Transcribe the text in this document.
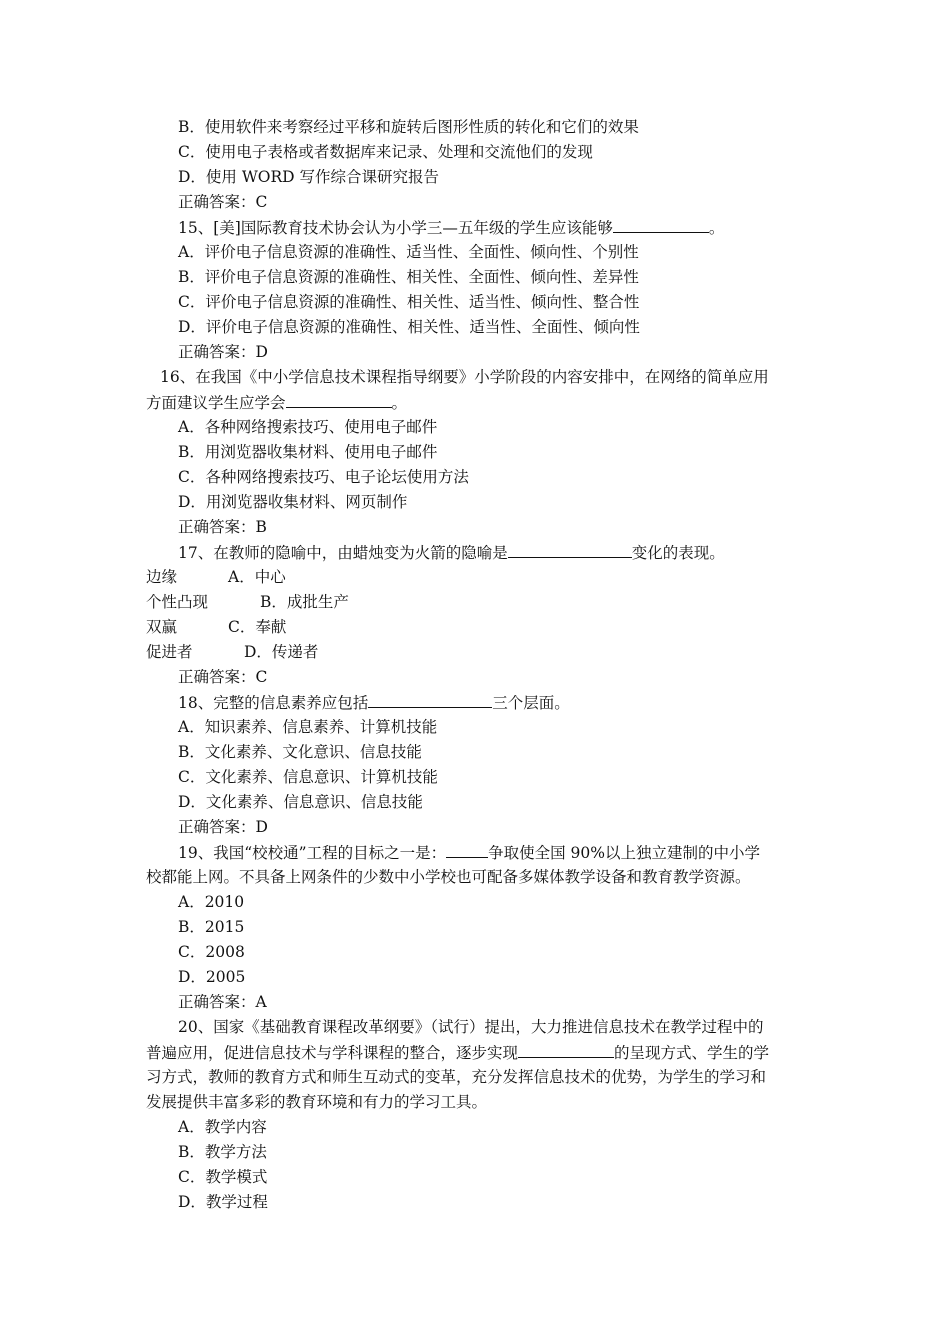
B．使用软件来考察经过平移和旋转后图形性质的转化和它们的效果
C．使用电子表格或者数据库来记录、处理和交流他们的发现
D．使用 WORD 写作综合课研究报告
正确答案：C
15、[美]国际教育技术协会认为小学三—五年级的学生应该能够	。
A．评价电子信息资源的准确性、适当性、全面性、倾向性、个别性
B．评价电子信息资源的准确性、相关性、全面性、倾向性、差异性
C．评价电子信息资源的准确性、相关性、适当性、倾向性、整合性
D．评价电子信息资源的准确性、相关性、适当性、全面性、倾向性
正确答案：D
16、在我国《中小学信息技术课程指导纲要》小学阶段的内容安排中，在网络的简单应用
方面建议学生应学会	。
A．各种网络搜索技巧、使用电子邮件
B．用浏览器收集材料、使用电子邮件
C．各种网络搜索技巧、电子论坛使用方法
D．用浏览器收集材料、网页制作
正确答案：B
17、在教师的隐喻中，由蜡烛变为火箭的隐喻是	变化的表现。
边缘	A．中心
个性凸现	B．成批生产
双赢	C．奉献
促进者	D．传递者
正确答案：C
18、完整的信息素养应包括	三个层面。
A．知识素养、信息素养、计算机技能
B．文化素养、文化意识、信息技能
C．文化素养、信息意识、计算机技能
D．文化素养、信息意识、信息技能
正确答案：D
19、我国“校校通”工程的目标之一是：	争取使全国 90%以上独立建制的中小学
校都能上网。不具备上网条件的少数中小学校也可配备多媒体教学设备和教育教学资源。
A．2010
B．2015
C．2008
D．2005
正确答案：A
20、国家《基础教育课程改革纲要》（试行）提出，大力推进信息技术在教学过程中的
普遍应用，促进信息技术与学科课程的整合，逐步实现	的呈现方式、学生的学
习方式，教师的教育方式和师生互动式的变革，充分发挥信息技术的优势，为学生的学习和
发展提供丰富多彩的教育环境和有力的学习工具。
A．教学内容
B．教学方法
C．教学模式
D．教学过程
